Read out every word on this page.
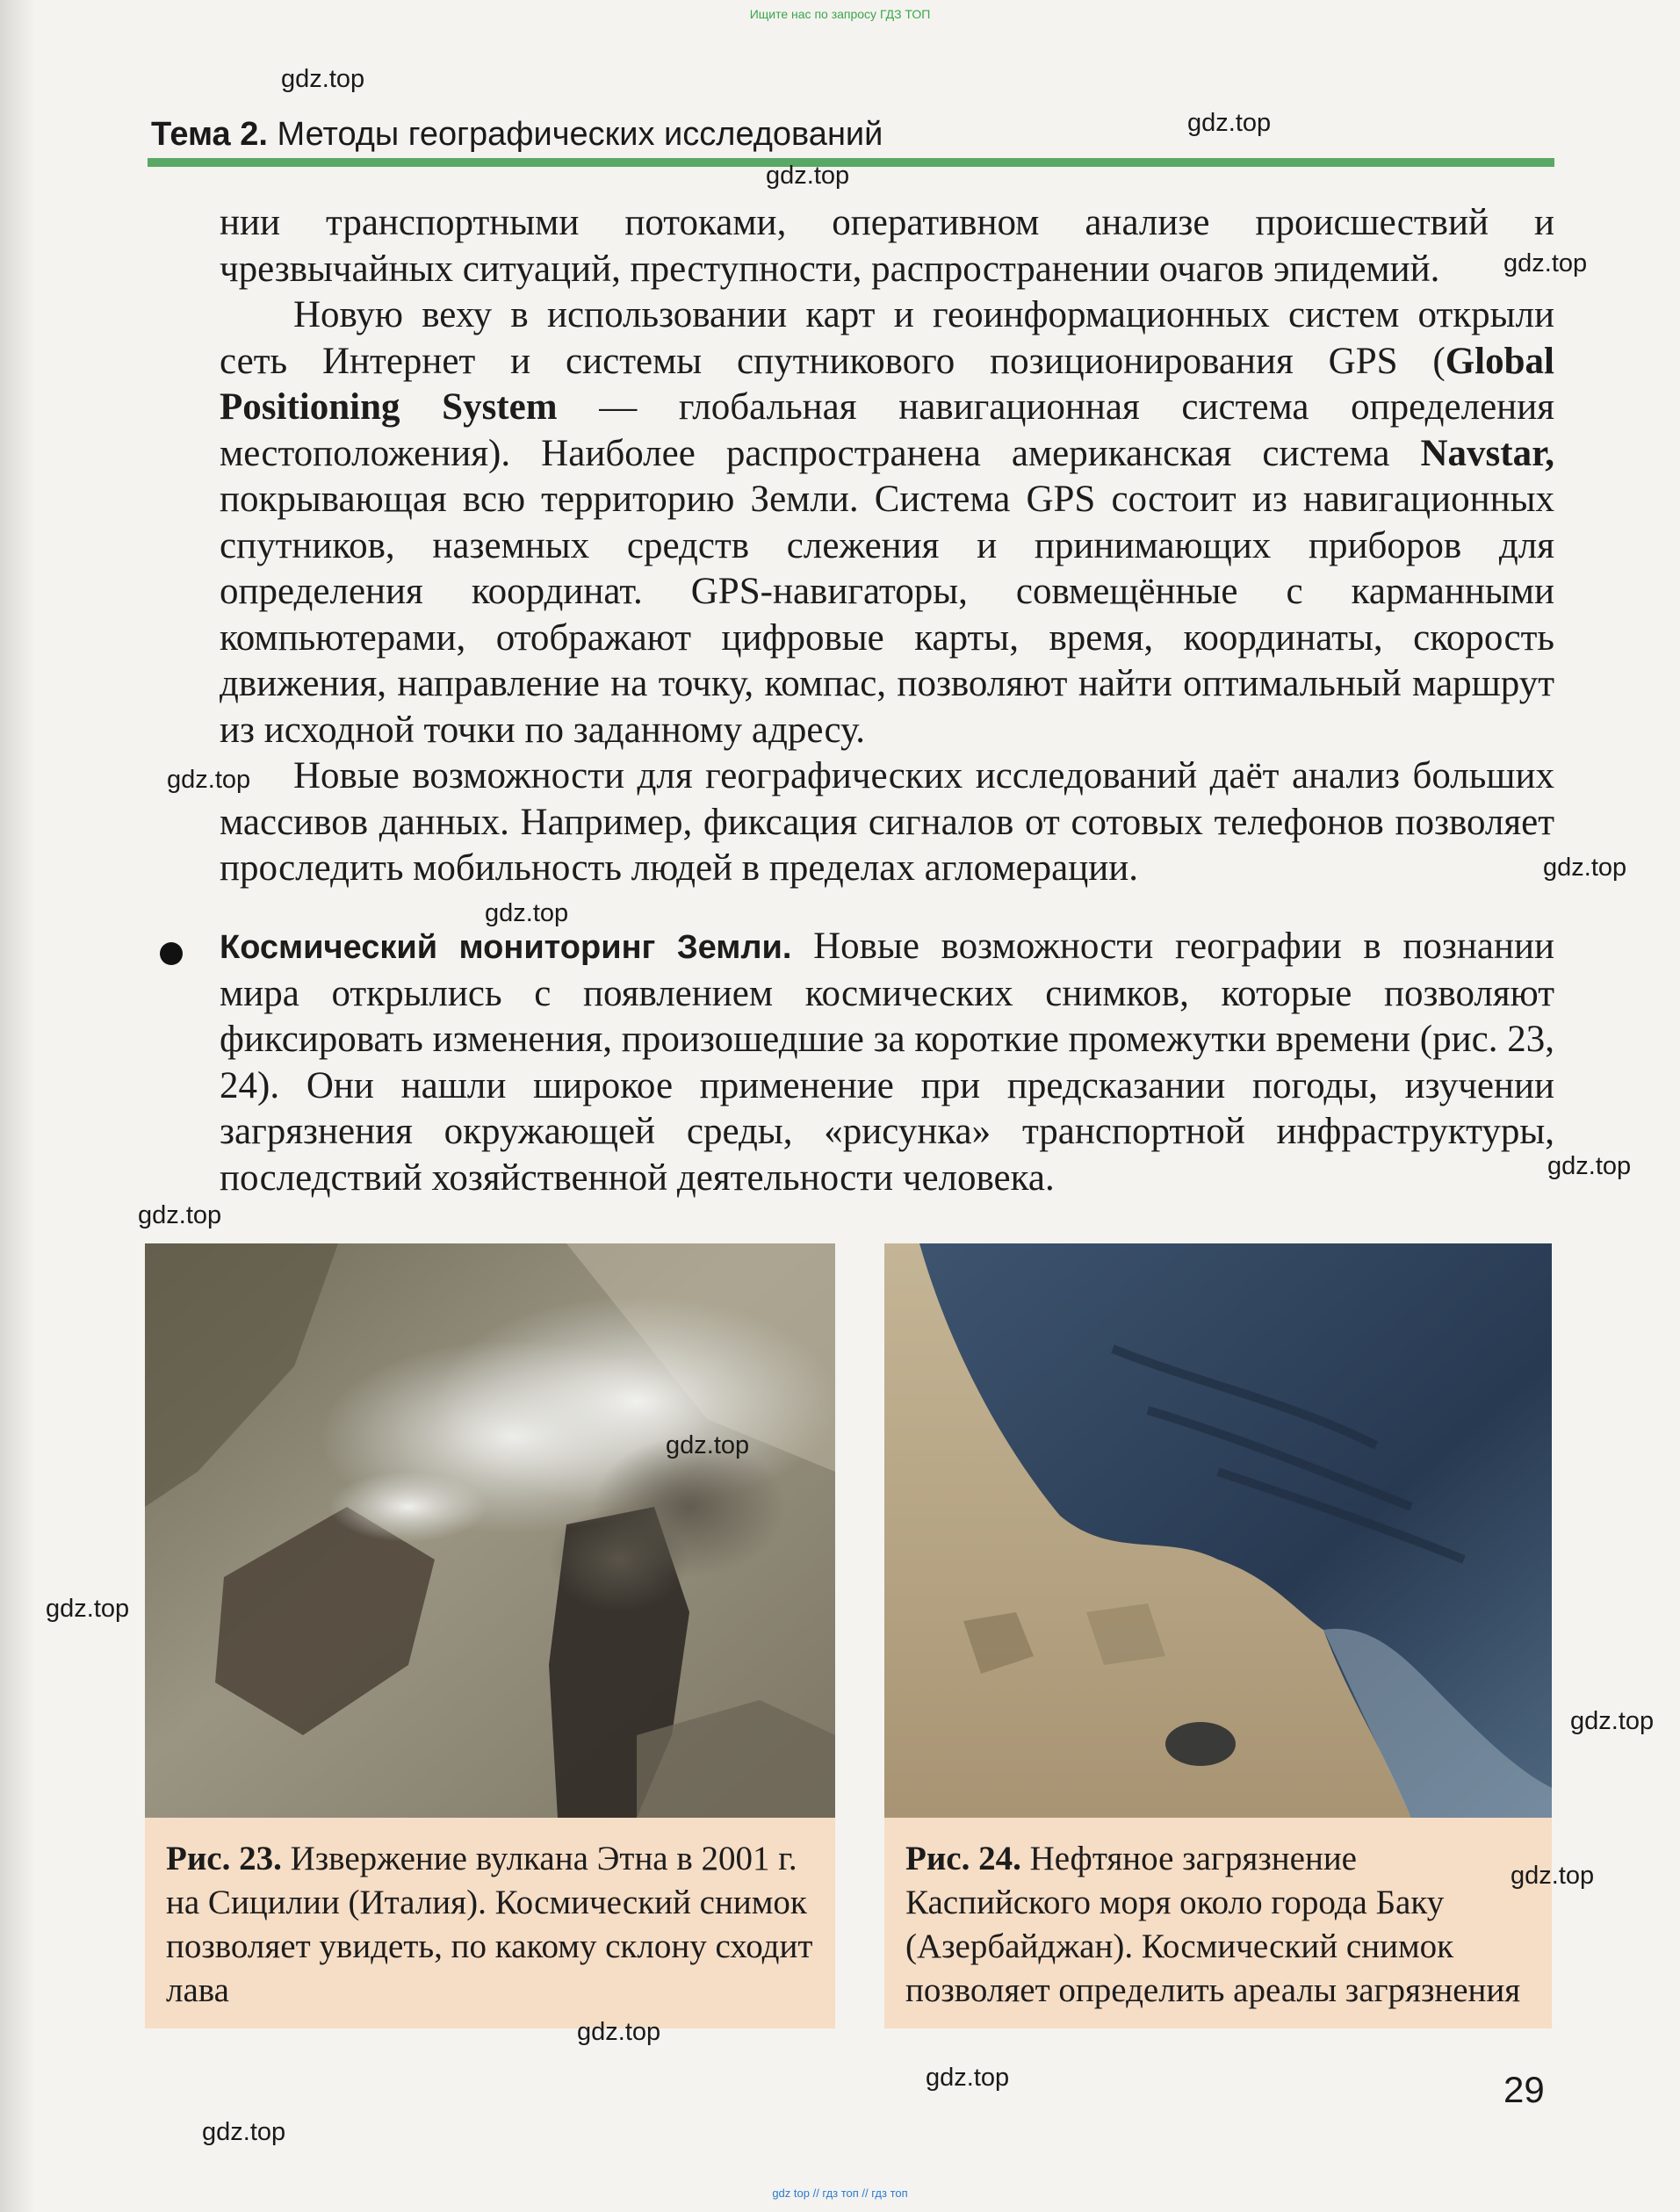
Ищите нас по запросу ГДЗ ТОП
Тема 2. Методы географических исследований

нии транспортными потоками, оперативном анализе происшествий и чрезвычайных ситуаций, преступности, распространении очагов эпидемий.

Новую веху в использовании карт и геоинформационных систем открыли сеть Интернет и системы спутникового позиционирования GPS (Global Positioning System — глобальная навигационная система определения местоположения). Наиболее распространена американская система Navstar, покрывающая всю территорию Земли. Система GPS состоит из навигационных спутников, наземных средств слежения и принимающих приборов для определения координат. GPS-навигаторы, совмещённые с карманными компьютерами, отображают цифровые карты, время, координаты, скорость движения, направление на точку, компас, позволяют найти оптимальный маршрут из исходной точки по заданному адресу.

Новые возможности для географических исследований даёт анализ больших массивов данных. Например, фиксация сигналов от сотовых телефонов позволяет проследить мобильность людей в пределах агломерации.

Космический мониторинг Земли. Новые возможности географии в познании мира открылись с появлением космических снимков, которые позволяют фиксировать изменения, произошедшие за короткие промежутки времени (рис. 23, 24). Они нашли широкое применение при предсказании погоды, изучении загрязнения окружающей среды, «рисунка» транспортной инфраструктуры, последствий хозяйственной деятельности человека.

Рис. 23. Извержение вулкана Этна в 2001 г. на Сицилии (Италия). Космический снимок позволяет увидеть, по какому склону сходит лава
Рис. 24. Нефтяное загрязнение Каспийского моря около города Баку (Азербайджан). Космический снимок позволяет определить ареалы загрязнения
gdz.top
gdz.top
gdz.top
gdz.top
gdz.top
gdz.top
gdz.top
gdz.top
gdz.top
gdz.top
gdz.top
gdz.top
gdz.top
gdz.top
gdz.top
gdz.top
29
gdz top // гдз топ // гдз топ
